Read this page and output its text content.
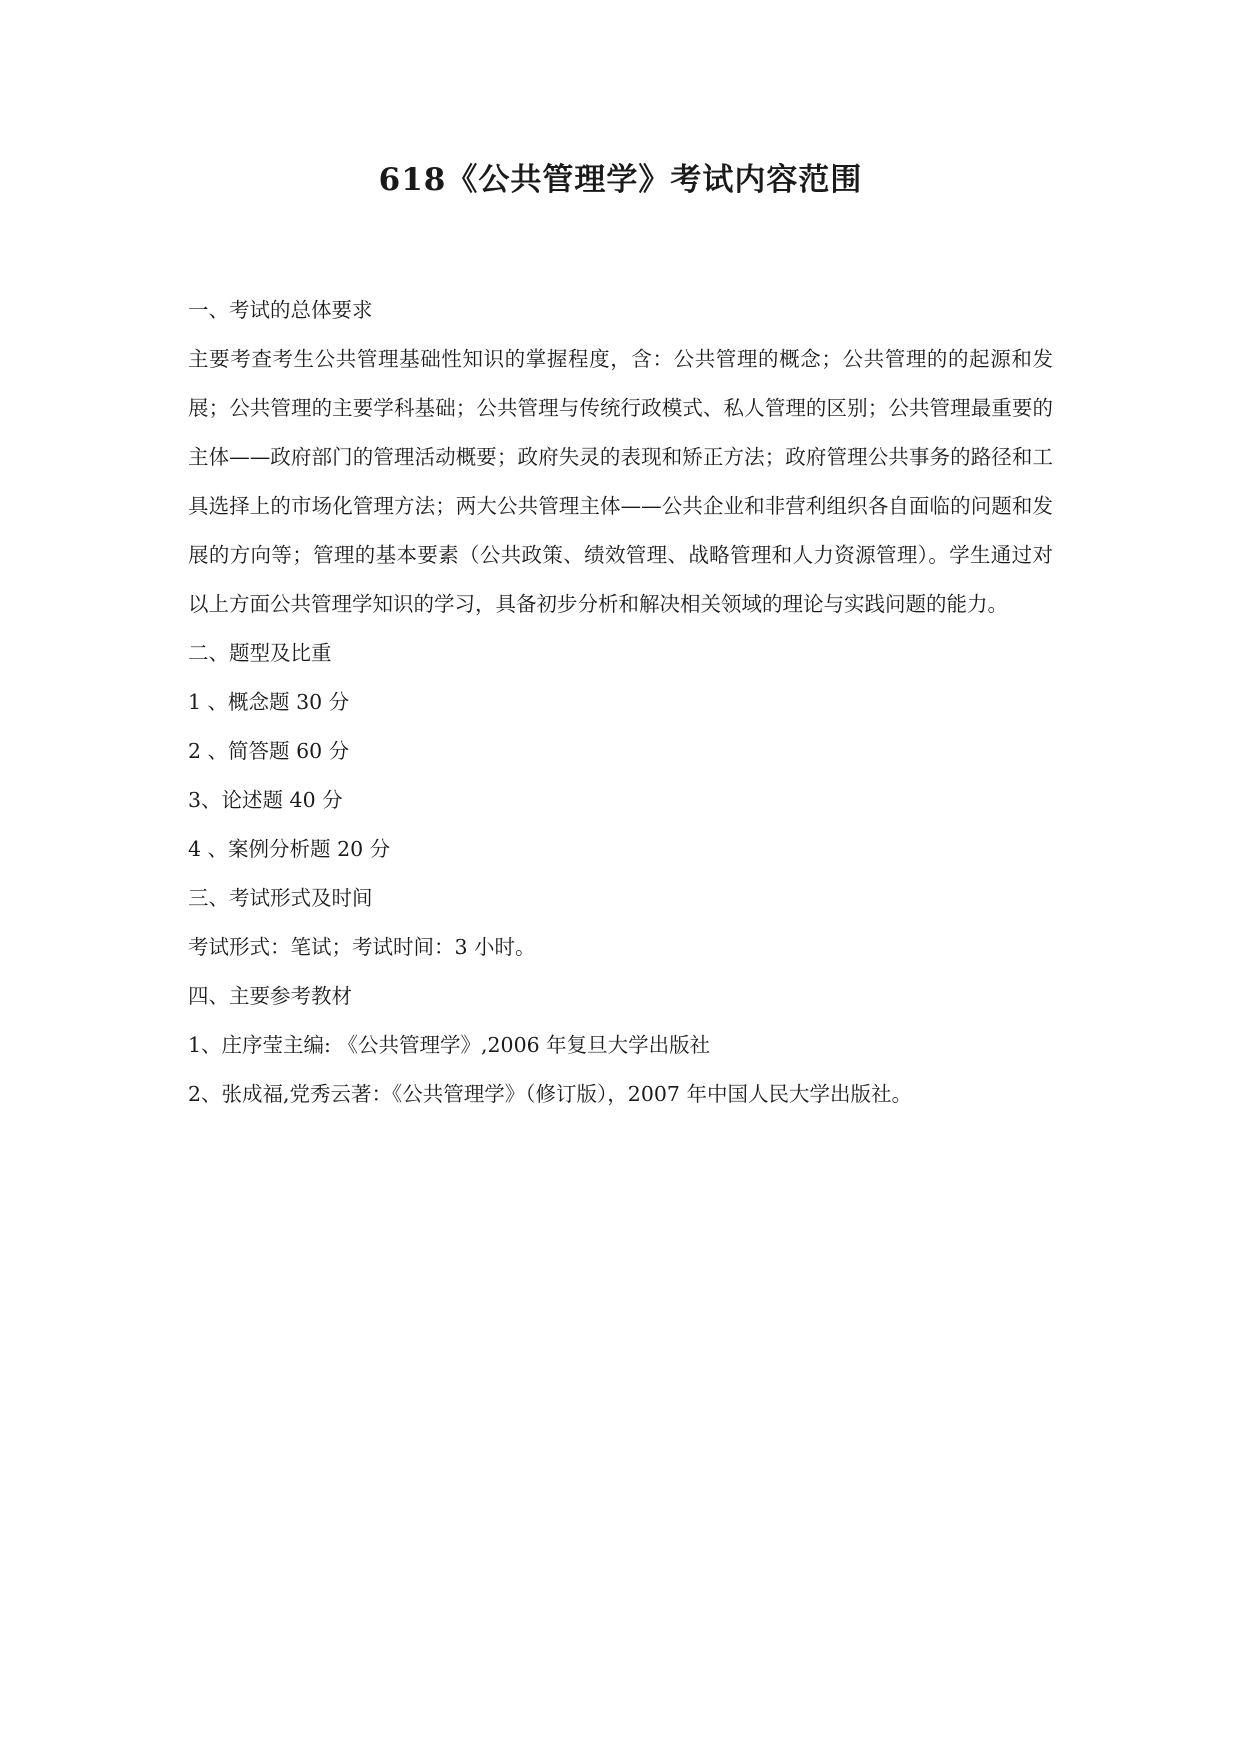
618《公共管理学》考试内容范围
一、考试的总体要求
主要考查考生公共管理基础性知识的掌握程度，含：公共管理的概念；公共管理的的起源和发展；公共管理的主要学科基础；公共管理与传统行政模式、私人管理的区别；公共管理最重要的主体——政府部门的管理活动概要；政府失灵的表现和矫正方法；政府管理公共事务的路径和工具选择上的市场化管理方法；两大公共管理主体——公共企业和非营利组织各自面临的问题和发展的方向等；管理的基本要素（公共政策、绩效管理、战略管理和人力资源管理）。学生通过对以上方面公共管理学知识的学习，具备初步分析和解决相关领域的理论与实践问题的能力。
二、题型及比重
1 、概念题 30 分
2 、简答题 60 分
3、论述题 40 分
4 、案例分析题 20 分
三、考试形式及时间
考试形式：笔试；考试时间：3 小时。
四、主要参考教材
1、庄序莹主编: 《公共管理学》,2006 年复旦大学出版社
2、张成福,党秀云著：《公共管理学》（修订版），2007 年中国人民大学出版社。
